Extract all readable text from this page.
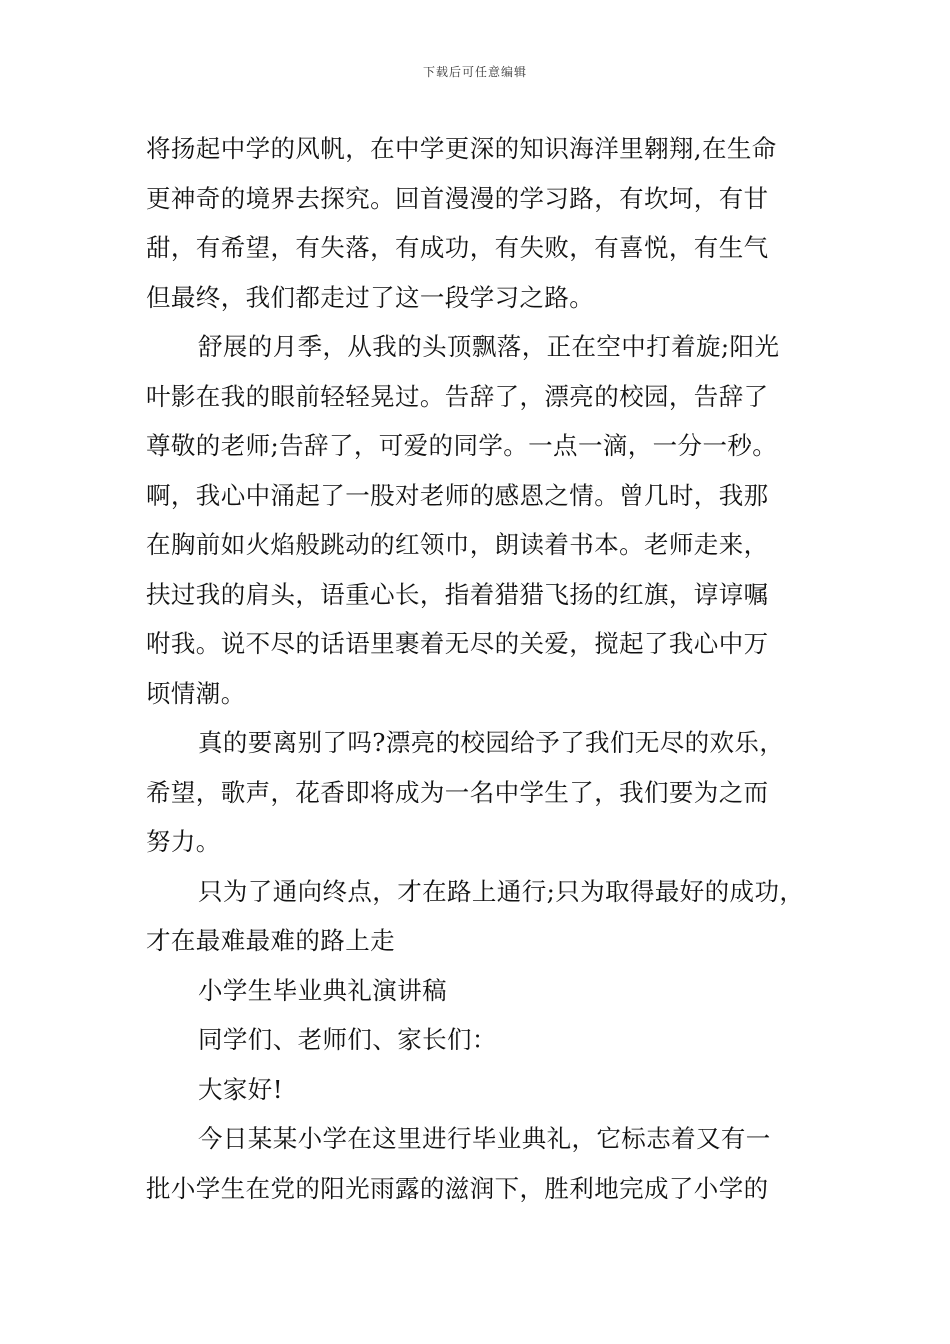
下载后可任意编辑
将扬起中学的风帆，在中学更深的知识海洋里翱翔,在生命
更神奇的境界去探究。回首漫漫的学习路，有坎坷，有甘
甜，有希望，有失落，有成功，有失败，有喜悦，有生气
但最终，我们都走过了这一段学习之路。
舒展的月季，从我的头顶飘落，正在空中打着旋;阳光
叶影在我的眼前轻轻晃过。告辞了，漂亮的校园，告辞了
尊敬的老师;告辞了，可爱的同学。一点一滴，一分一秒。
啊，我心中涌起了一股对老师的感恩之情。曾几时，我那
在胸前如火焰般跳动的红领巾，朗读着书本。老师走来，
扶过我的肩头，语重心长，指着猎猎飞扬的红旗，谆谆嘱
咐我。说不尽的话语里裹着无尽的关爱，搅起了我心中万
顷情潮。
真的要离别了吗?漂亮的校园给予了我们无尽的欢乐，
希望，歌声，花香即将成为一名中学生了，我们要为之而
努力。
只为了通向终点，才在路上通行;只为取得最好的成功，
才在最难最难的路上走
小学生毕业典礼演讲稿
同学们、老师们、家长们：
大家好!
今日某某小学在这里进行毕业典礼，它标志着又有一
批小学生在党的阳光雨露的滋润下，胜利地完成了小学的
